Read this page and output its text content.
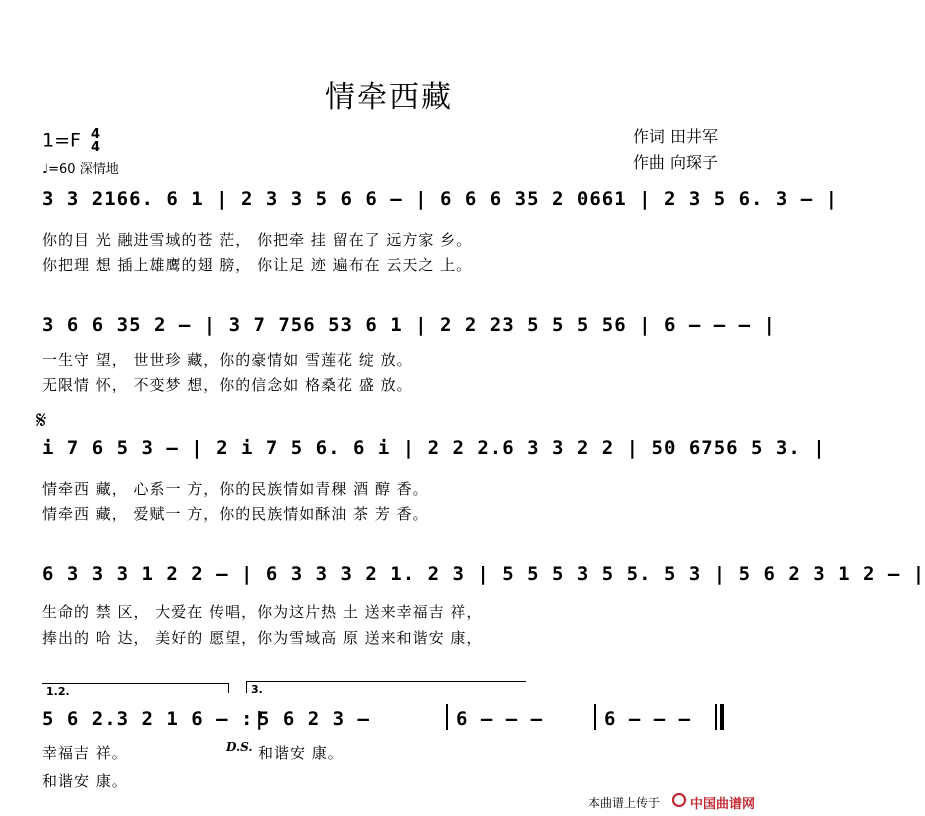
情牵西藏
1=F 4
4
♩=60 深情地
作词 田井军
作曲 向琛子
3 3 2166. 6 1 | 2 3 3 5 6 6 – | 6 6 6 35 2 0661 | 2 3 5 6. 3 – |
你的目 光 融进雪域的苍 茫， 你把牵 挂 留在了 远方家 乡。
你把理 想 插上雄鹰的翅 膀， 你让足 迹 遍布在 云天之 上。
3 6 6 35 2 – | 3 7 756 53 6 1 | 2 2 23 5 5 5 56 | 6 – – – |
一生守 望， 世世珍 藏，你的豪情如 雪莲花 绽 放。
无限情 怀， 不变梦 想，你的信念如 格桑花 盛 放。
𝄋
i 7 6 5 3 – | 2 i 7 5 6. 6 i | 2 2 2.6 3 3 2 2 | 50 6756 5 3. |
情牵西 藏， 心系一 方，你的民族情如青稞 酒 醇 香。
情牵西 藏， 爱赋一 方，你的民族情如酥油 茶 芳 香。
6 3 3 3 1 2 2 – | 6 3 3 3 2 1. 2 3 | 5 5 5 3 5 5. 5 3 | 5 6 2 3 1 2 – |
生命的 禁 区， 大爱在 传唱，你为这片热 土 送来幸福吉 祥，
捧出的 哈 达， 美好的 愿望，你为雪域高 原 送来和谐安 康，
1.2.	3.
5 6 2.3 2 1 6 – :|
5 6 2 3 –	6 – – –	6 – – –
幸福吉 祥。	D.S. 和谐安 康。
和谐安 康。
本曲谱上传于 中国曲谱网
